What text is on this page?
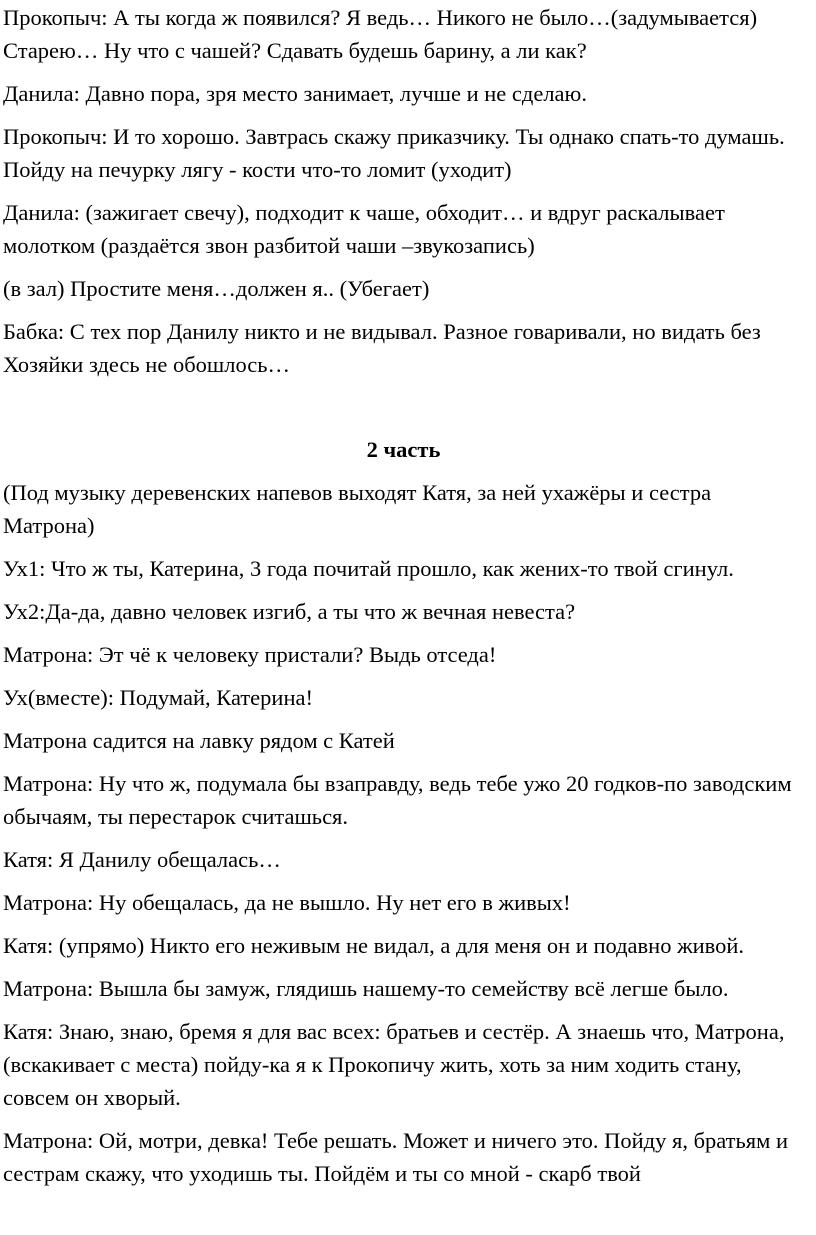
Прокопыч: А ты когда ж появился? Я ведь… Никого не было…(задумывается) Старею… Ну что с чашей? Сдавать будешь барину, а ли как?

Данила: Давно пора, зря место занимает, лучше и не сделаю.

Прокопыч: И то хорошо. Завтрась скажу приказчику. Ты однако спать-то думашь. Пойду на печурку лягу - кости что-то ломит (уходит)

Данила: (зажигает свечу), подходит к чаше, обходит… и вдруг раскалывает молотком (раздаётся звон разбитой чаши –звукозапись)

(в зал) Простите меня…должен я.. (Убегает)

Бабка: С тех пор Данилу никто и не видывал. Разное говаривали, но видать без Хозяйки здесь не обошлось…

2 часть

(Под музыку деревенских напевов выходят Катя, за ней ухажёры и сестра Матрона)

Ух1: Что ж ты, Катерина, 3 года почитай прошло, как жених-то твой сгинул.

Ух2:Да-да, давно человек изгиб, а ты что ж вечная невеста?

Матрона: Эт чё к человеку пристали? Выдь отседа!

Ух(вместе): Подумай, Катерина!

Матрона садится на лавку рядом с Катей

Матрона: Ну что ж, подумала бы взаправду, ведь тебе ужо 20 годков-по заводским обычаям, ты перестарок считашься.

Катя: Я Данилу обещалась…

Матрона: Ну обещалась, да не вышло. Ну нет его в живых!

Катя: (упрямо) Никто его неживым не видал, а для меня он и подавно живой.

Матрона: Вышла бы замуж, глядишь нашему-то семейству всё легше было.

Катя: Знаю, знаю, бремя я для вас всех: братьев и сестёр. А знаешь что, Матрона, (вскакивает с места) пойду-ка я к Прокопичу жить, хоть за ним ходить стану, совсем он хворый.

Матрона: Ой, мотри, девка! Тебе решать. Может и ничего это. Пойду я, братьям и сестрам скажу, что уходишь ты. Пойдём и ты со мной - скарб твой
